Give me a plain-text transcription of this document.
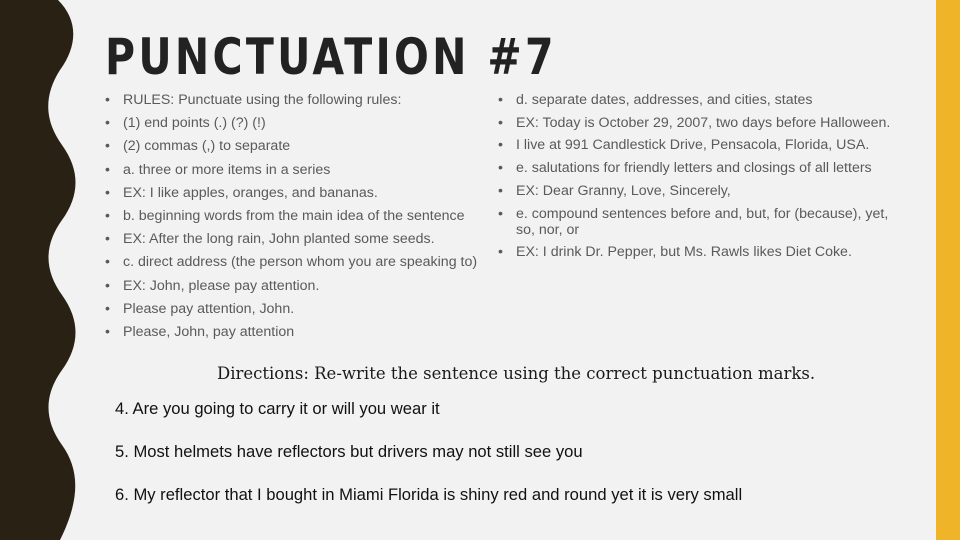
PUNCTUATION #7
• RULES: Punctuate using the following rules:
• (1) end points (.) (?) (!)
• (2) commas (,) to separate
• a. three or more items in a series
• EX: I like apples, oranges, and bananas.
• b. beginning words from the main idea of the sentence
• EX: After the long rain, John planted some seeds.
• c. direct address (the person whom you are speaking to)
• EX: John, please pay attention.
• Please pay attention, John.
• Please, John, pay attention
• d. separate dates, addresses, and cities, states
• EX: Today is October 29, 2007, two days before Halloween.
• I live at 991 Candlestick Drive, Pensacola, Florida, USA.
• e. salutations for friendly letters and closings of all letters
• EX: Dear Granny, Love, Sincerely,
• e. compound sentences before and, but, for (because), yet, so, nor, or
• EX: I drink Dr. Pepper, but Ms. Rawls likes Diet Coke.
Directions: Re-write the sentence using the correct punctuation marks.
4. Are you going to carry it or will you wear it
5. Most helmets have reflectors but drivers may not still see you
6. My reflector that I bought in Miami Florida is shiny red and round yet it is very small
